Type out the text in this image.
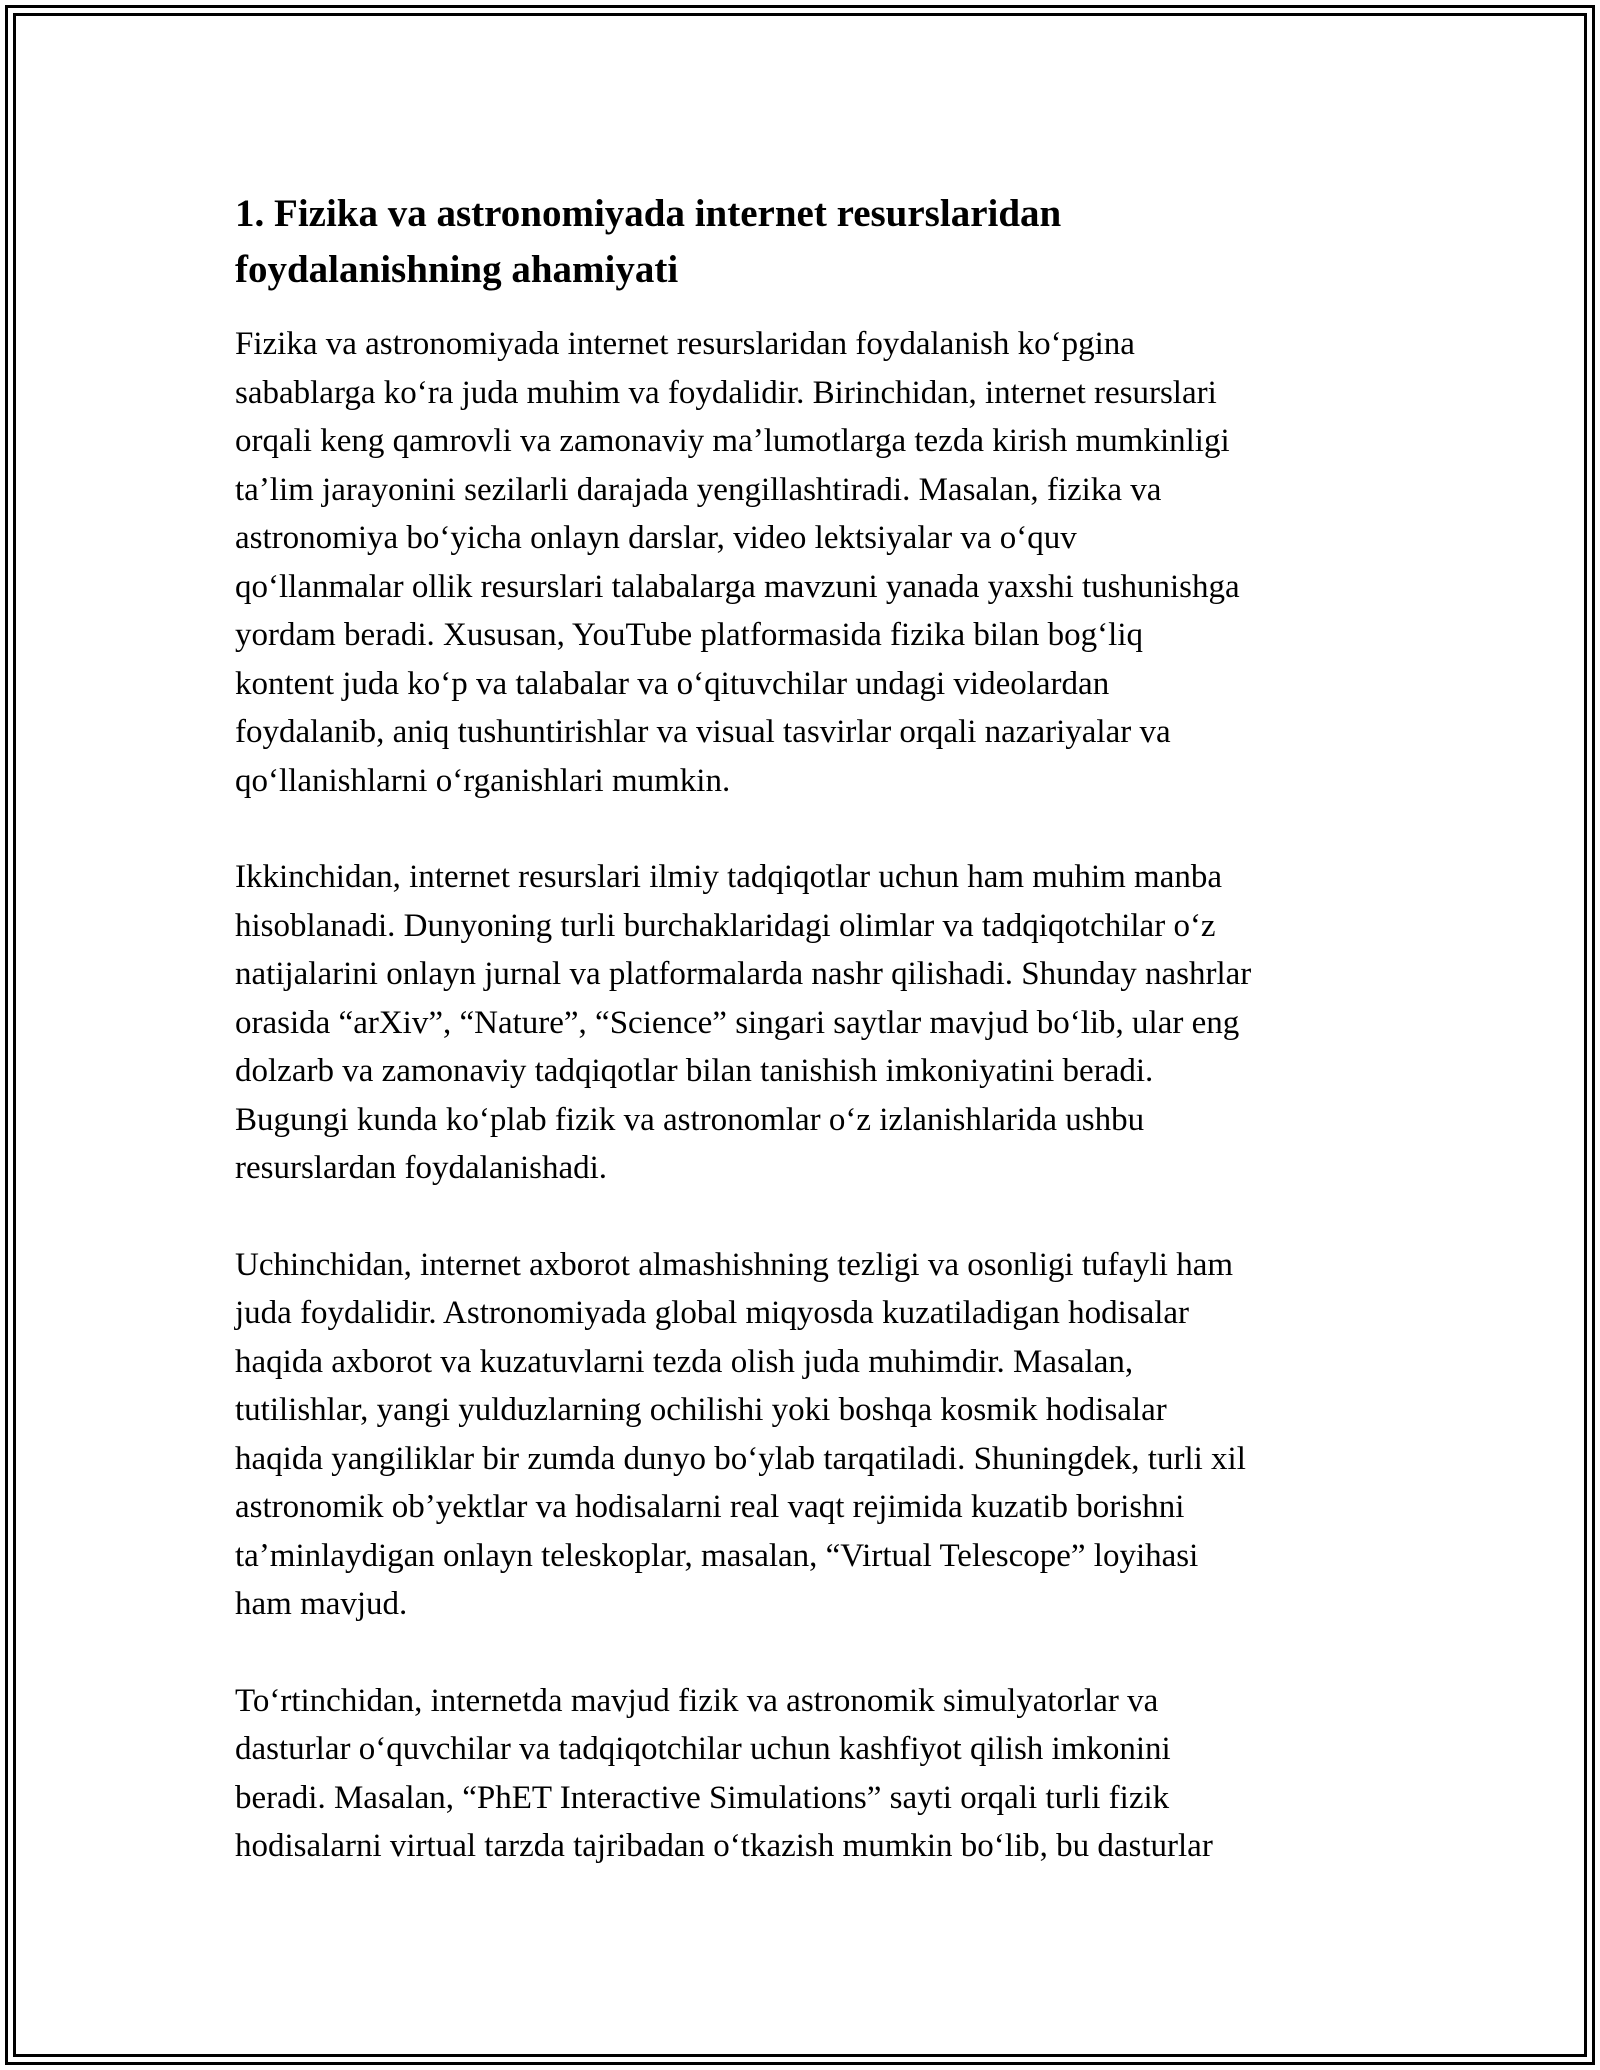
1. Fizika va astronomiyada internet resurslaridan
foydalanishning ahamiyati
Fizika va astronomiyada internet resurslaridan foydalanish koʻpgina
sabablarga koʻra juda muhim va foydalidir. Birinchidan, internet resurslari
orqali keng qamrovli va zamonaviy maʼlumotlarga tezda kirish mumkinligi
taʼlim jarayonini sezilarli darajada yengillashtiradi. Masalan, fizika va
astronomiya boʻyicha onlayn darslar, video lektsiyalar va oʻquv
qoʻllanmalar ollik resurslari talabalarga mavzuni yanada yaxshi tushunishga
yordam beradi. Xususan, YouTube platformasida fizika bilan bogʻliq
kontent juda koʻp va talabalar va oʻqituvchilar undagi videolardan
foydalanib, aniq tushuntirishlar va visual tasvirlar orqali nazariyalar va
qoʻllanishlarni oʻrganishlari mumkin.
Ikkinchidan, internet resurslari ilmiy tadqiqotlar uchun ham muhim manba
hisoblanadi. Dunyoning turli burchaklaridagi olimlar va tadqiqotchilar oʻz
natijalarini onlayn jurnal va platformalarda nashr qilishadi. Shunday nashrlar
orasida “arXiv”, “Nature”, “Science” singari saytlar mavjud boʻlib, ular eng
dolzarb va zamonaviy tadqiqotlar bilan tanishish imkoniyatini beradi.
Bugungi kunda koʻplab fizik va astronomlar oʻz izlanishlarida ushbu
resurslardan foydalanishadi.
Uchinchidan, internet axborot almashishning tezligi va osonligi tufayli ham
juda foydalidir. Astronomiyada global miqyosda kuzatiladigan hodisalar
haqida axborot va kuzatuvlarni tezda olish juda muhimdir. Masalan,
tutilishlar, yangi yulduzlarning ochilishi yoki boshqa kosmik hodisalar
haqida yangiliklar bir zumda dunyo boʻylab tarqatiladi. Shuningdek, turli xil
astronomik obʼyektlar va hodisalarni real vaqt rejimida kuzatib borishni
taʼminlaydigan onlayn teleskoplar, masalan, “Virtual Telescope” loyihasi
ham mavjud.
Toʻrtinchidan, internetda mavjud fizik va astronomik simulyatorlar va
dasturlar oʻquvchilar va tadqiqotchilar uchun kashfiyot qilish imkonini
beradi. Masalan, “PhET Interactive Simulations” sayti orqali turli fizik
hodisalarni virtual tarzda tajribadan oʻtkazish mumkin boʻlib, bu dasturlar
